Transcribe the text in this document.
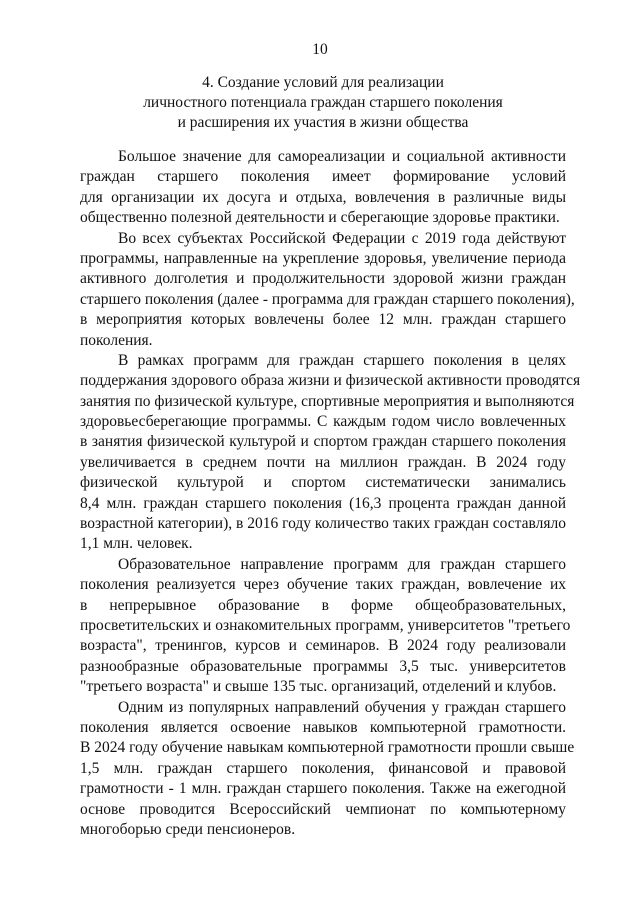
10
4. Создание условий для реализации
личностного потенциала граждан старшего поколения
и расширения их участия в жизни общества
Большое значение для самореализации и социальной активности
граждан старшего поколения имеет формирование условий
для организации их досуга и отдыха, вовлечения в различные виды
общественно полезной деятельности и сберегающие здоровье практики.
Во всех субъектах Российской Федерации с 2019 года действуют
программы, направленные на укрепление здоровья, увеличение периода
активного долголетия и продолжительности здоровой жизни граждан
старшего поколения (далее - программа для граждан старшего поколения),
в мероприятия которых вовлечены более 12 млн. граждан старшего
поколения.
В рамках программ для граждан старшего поколения в целях
поддержания здорового образа жизни и физической активности проводятся
занятия по физической культуре, спортивные мероприятия и выполняются
здоровьесберегающие программы. С каждым годом число вовлеченных
в занятия физической культурой и спортом граждан старшего поколения
увеличивается в среднем почти на миллион граждан. В 2024 году
физической культурой и спортом систематически занимались
8,4 млн. граждан старшего поколения (16,3 процента граждан данной
возрастной категории), в 2016 году количество таких граждан составляло
1,1 млн. человек.
Образовательное направление программ для граждан старшего
поколения реализуется через обучение таких граждан, вовлечение их
в непрерывное образование в форме общеобразовательных,
просветительских и ознакомительных программ, университетов "третьего
возраста", тренингов, курсов и семинаров. В 2024 году реализовали
разнообразные образовательные программы 3,5 тыс. университетов
"третьего возраста" и свыше 135 тыс. организаций, отделений и клубов.
Одним из популярных направлений обучения у граждан старшего
поколения является освоение навыков компьютерной грамотности.
В 2024 году обучение навыкам компьютерной грамотности прошли свыше
1,5 млн. граждан старшего поколения, финансовой и правовой
грамотности - 1 млн. граждан старшего поколения. Также на ежегодной
основе проводится Всероссийский чемпионат по компьютерному
многоборью среди пенсионеров.
